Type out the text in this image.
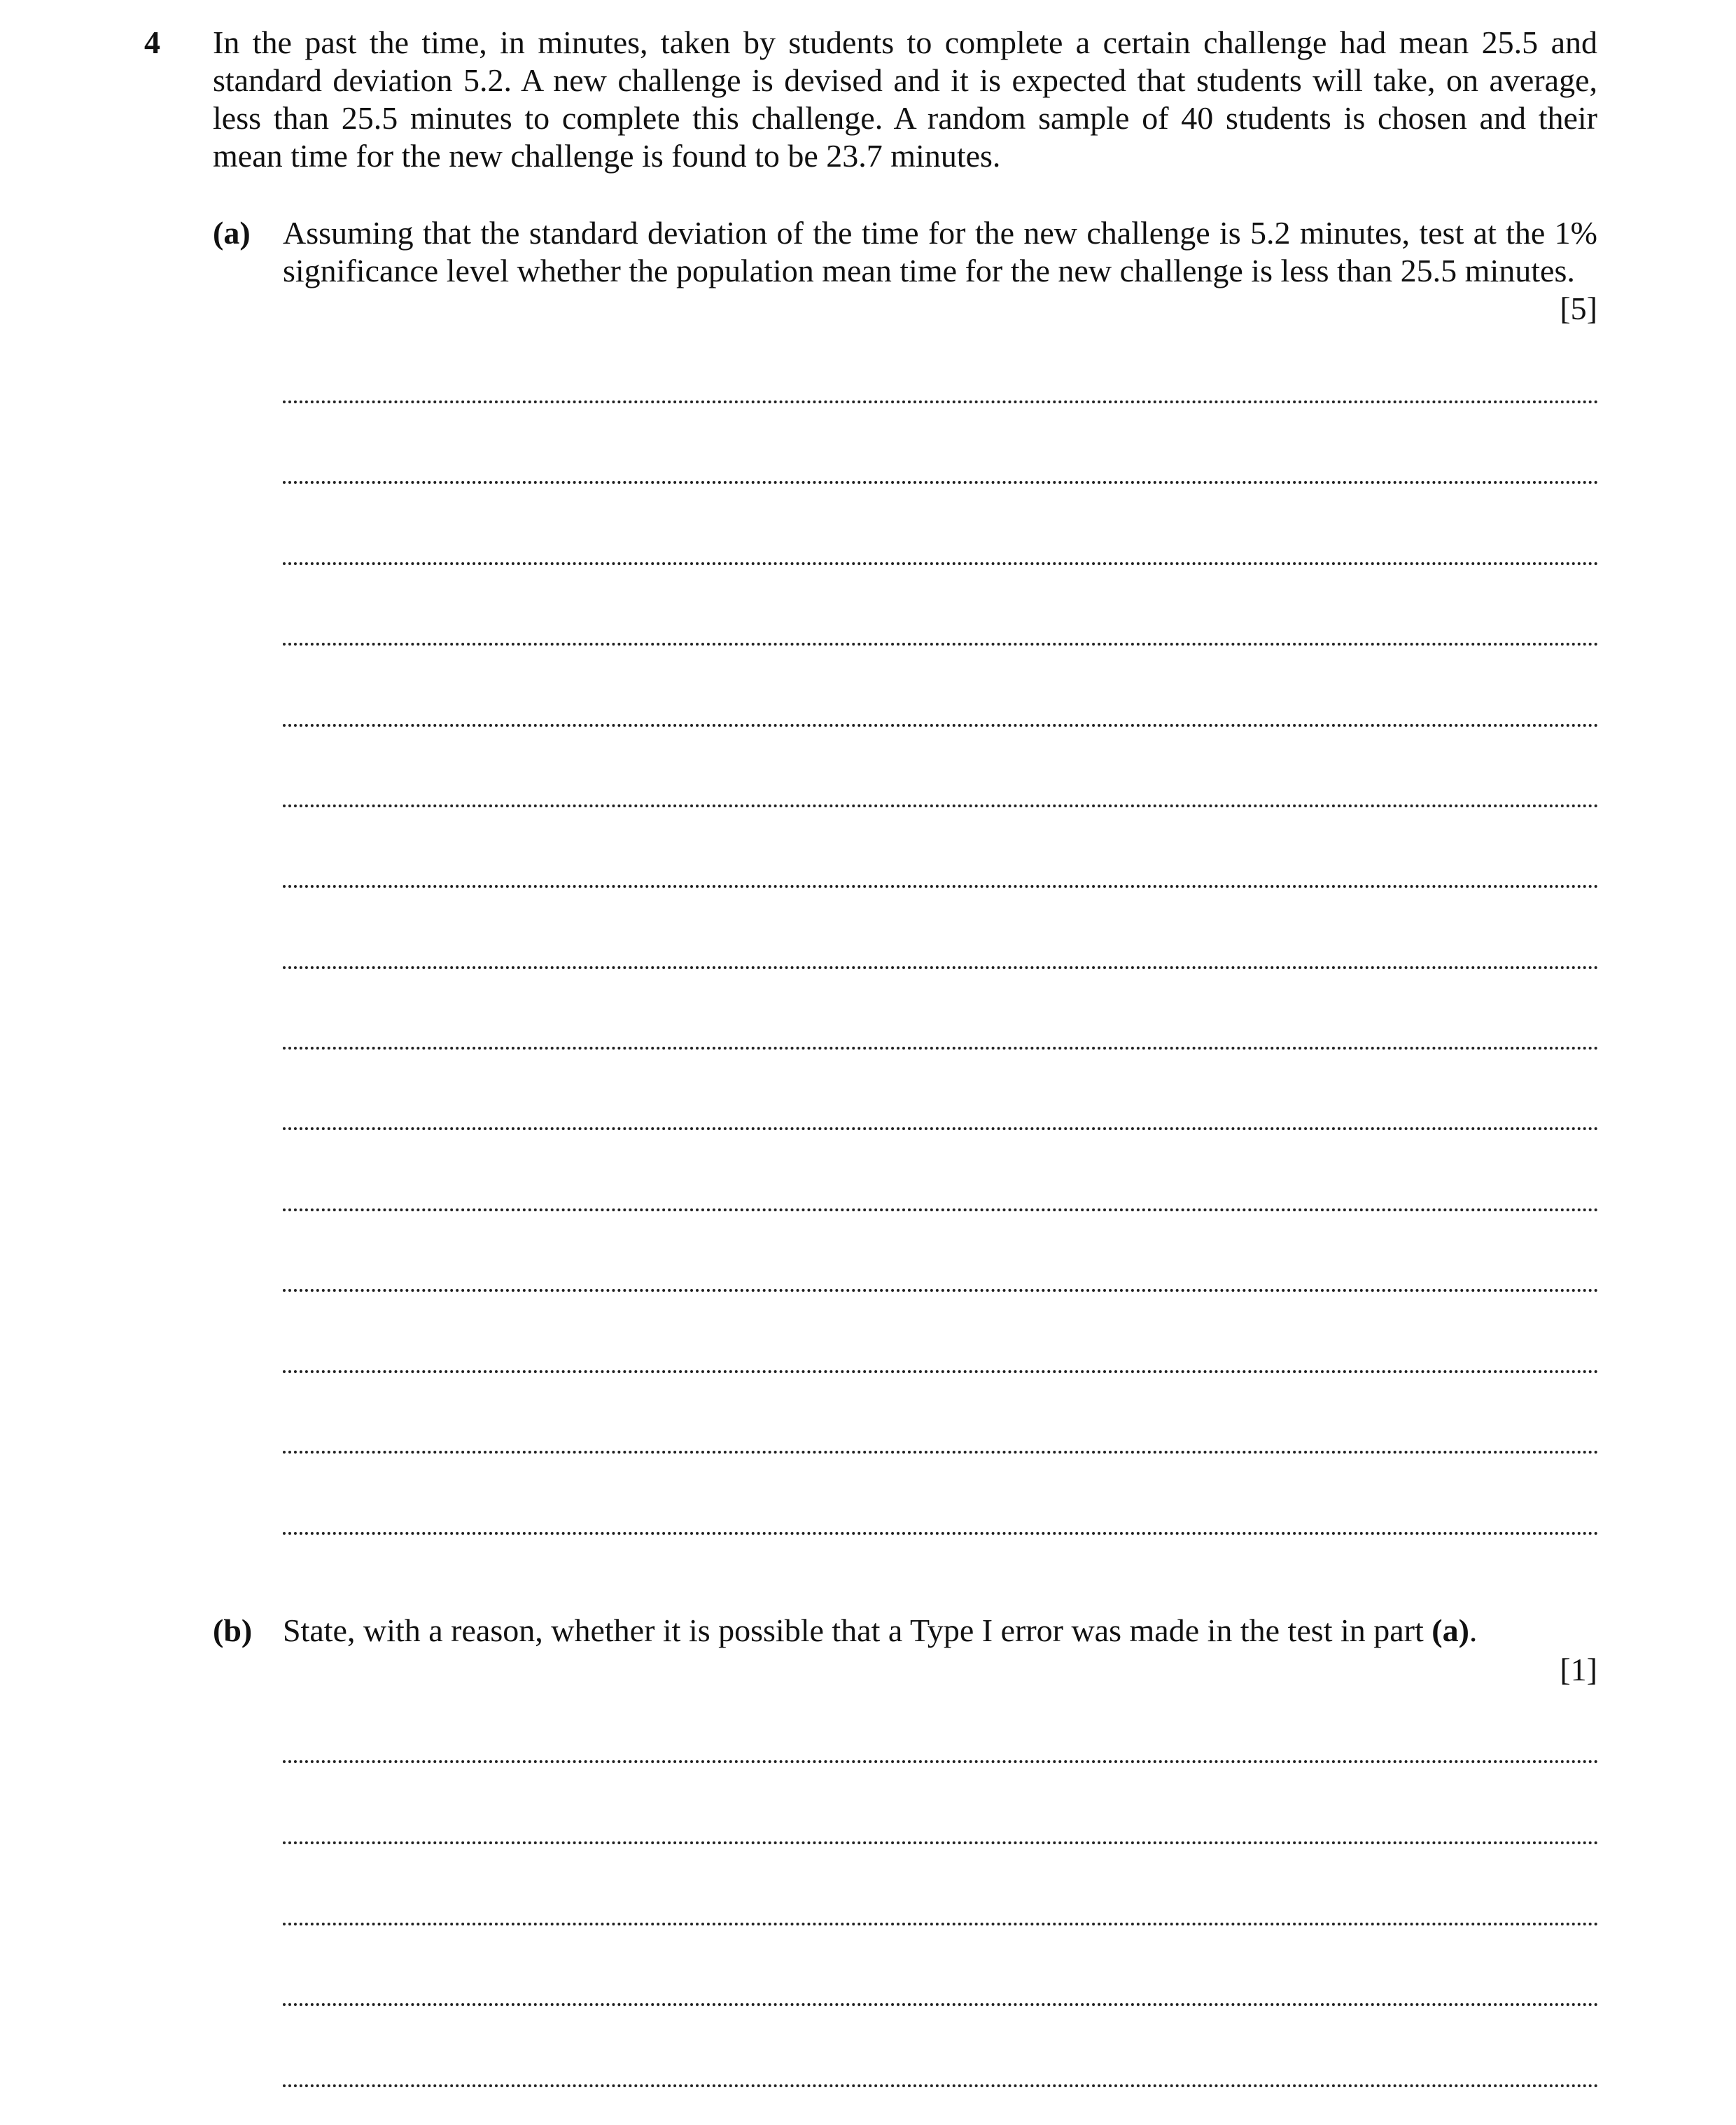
4 In the past the time, in minutes, taken by students to complete a certain challenge had mean 25.5 and standard deviation 5.2. A new challenge is devised and it is expected that students will take, on average, less than 25.5 minutes to complete this challenge. A random sample of 40 students is chosen and their mean time for the new challenge is found to be 23.7 minutes.
(a) Assuming that the standard deviation of the time for the new challenge is 5.2 minutes, test at the 1% significance level whether the population mean time for the new challenge is less than 25.5 minutes.
[5]
(b) State, with a reason, whether it is possible that a Type I error was made in the test in part (a).
[1]
